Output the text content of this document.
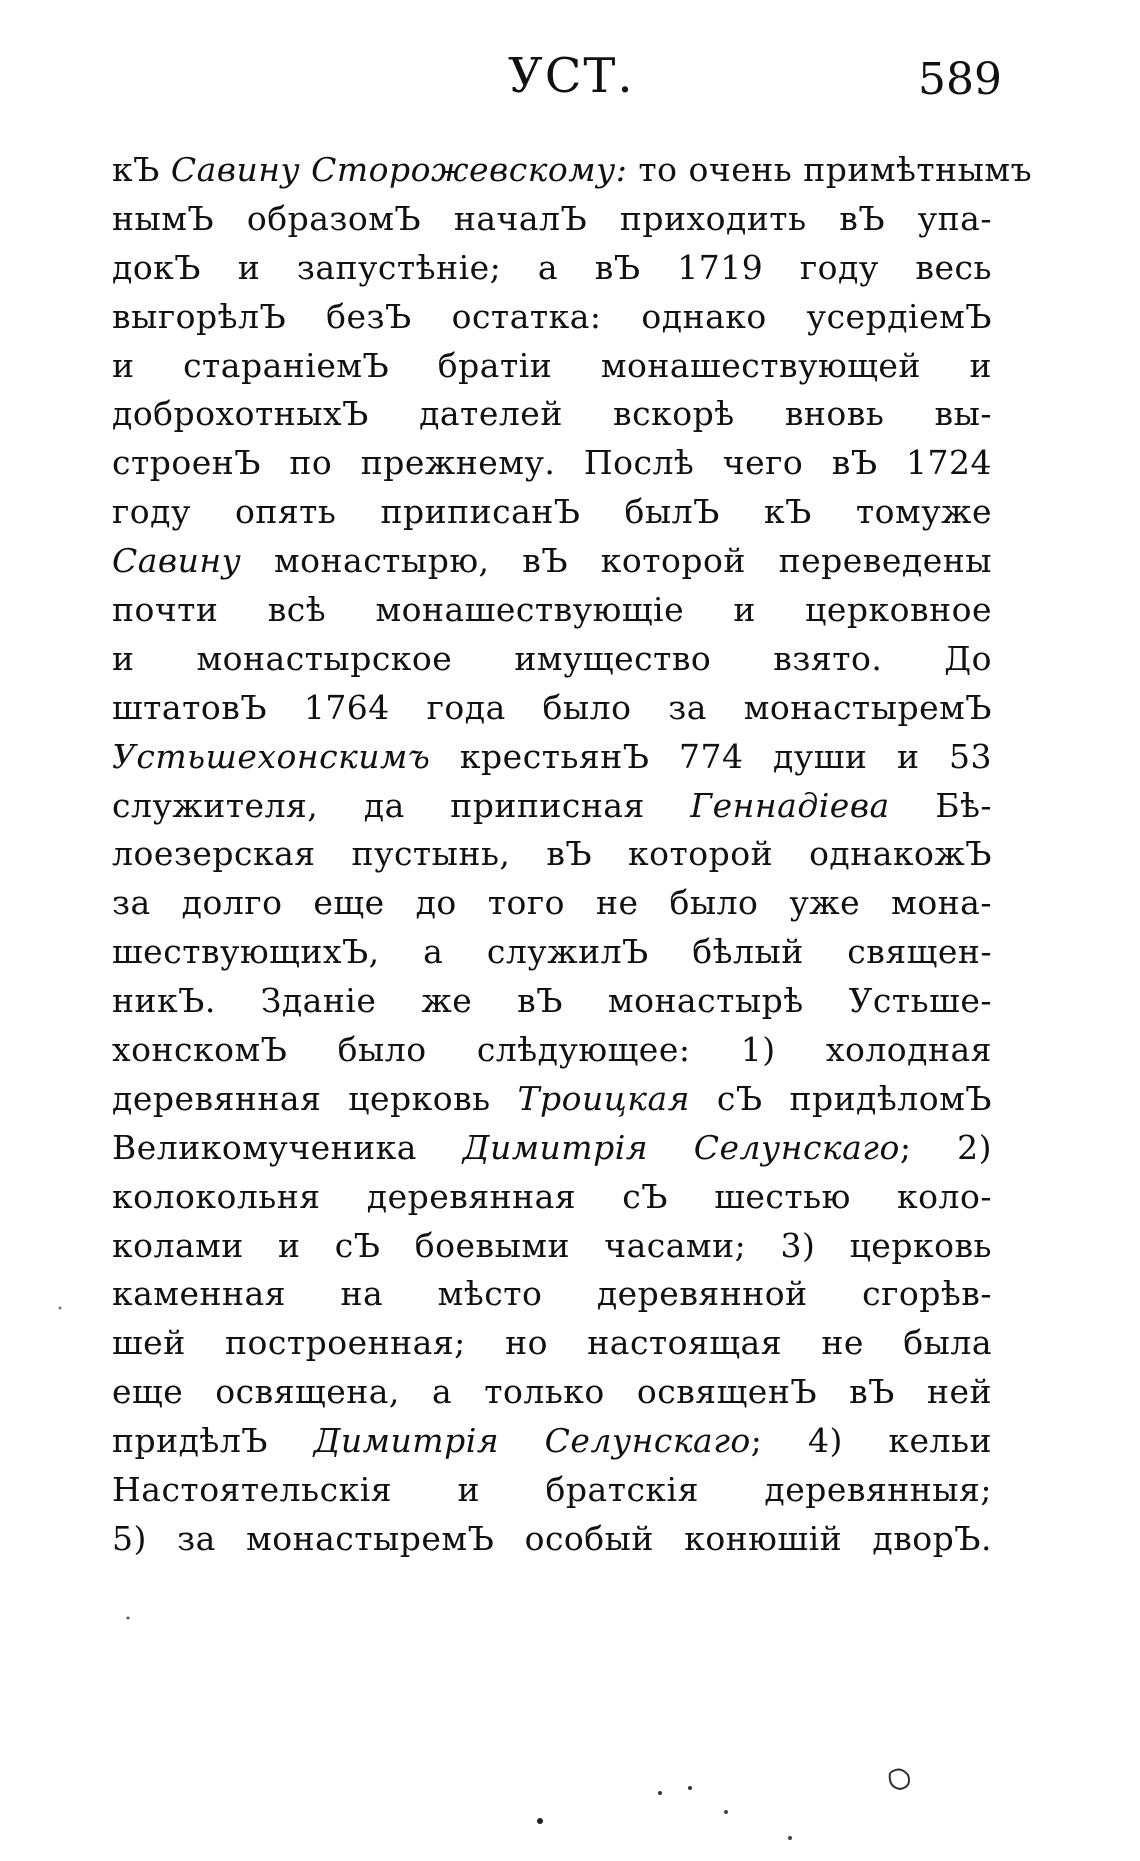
УСТ.	589
кЪ Савину Сторожевскому: то очень примѣтнымъ
нымЪ образомЪ началЪ приходить вЪ упа-
докЪ и запустѣніе; а вЪ 1719 году весь
выгорѣлЪ безЪ остатка: однако усердіемЪ
и стараніемЪ братіи монашествующей и
доброхотныхЪ дателей вскорѣ вновь вы-
строенЪ по прежнему. Послѣ чего вЪ 1724
году опять приписанЪ былЪ кЪ томуже
Савину монастырю, вЪ которой переведены
почти всѣ монашествующіе и церковное
и монастырское имущество взято. До
штатовЪ 1764 года было за монастыремЪ
Устьшехонскимъ крестьянЪ 774 души и 53
служителя, да приписная Геннадіева Бѣ-
лоезерская пустынь, вЪ которой однакожЪ
за долго еще до того не было уже мона-
шествующихЪ, а служилЪ бѣлый священ-
никЪ. Зданіе же вЪ монастырѣ Устьше-
хонскомЪ было слѣдующее: 1) холодная
деревянная церковь Троицкая сЪ придѣломЪ
Великомученика Димитрія Селунскаго; 2)
колокольня деревянная сЪ шестью коло-
колами и сЪ боевыми часами; 3) церковь
каменная на мѣсто деревянной сгорѣв-
шей построенная; но настоящая не была
еще освящена, а только освященЪ вЪ ней
придѣлЪ Димитрія Селунскаго; 4) кельи
Настоятельскія и братскія деревянныя;
5) за монастыремЪ особый конюшій дворЪ.
